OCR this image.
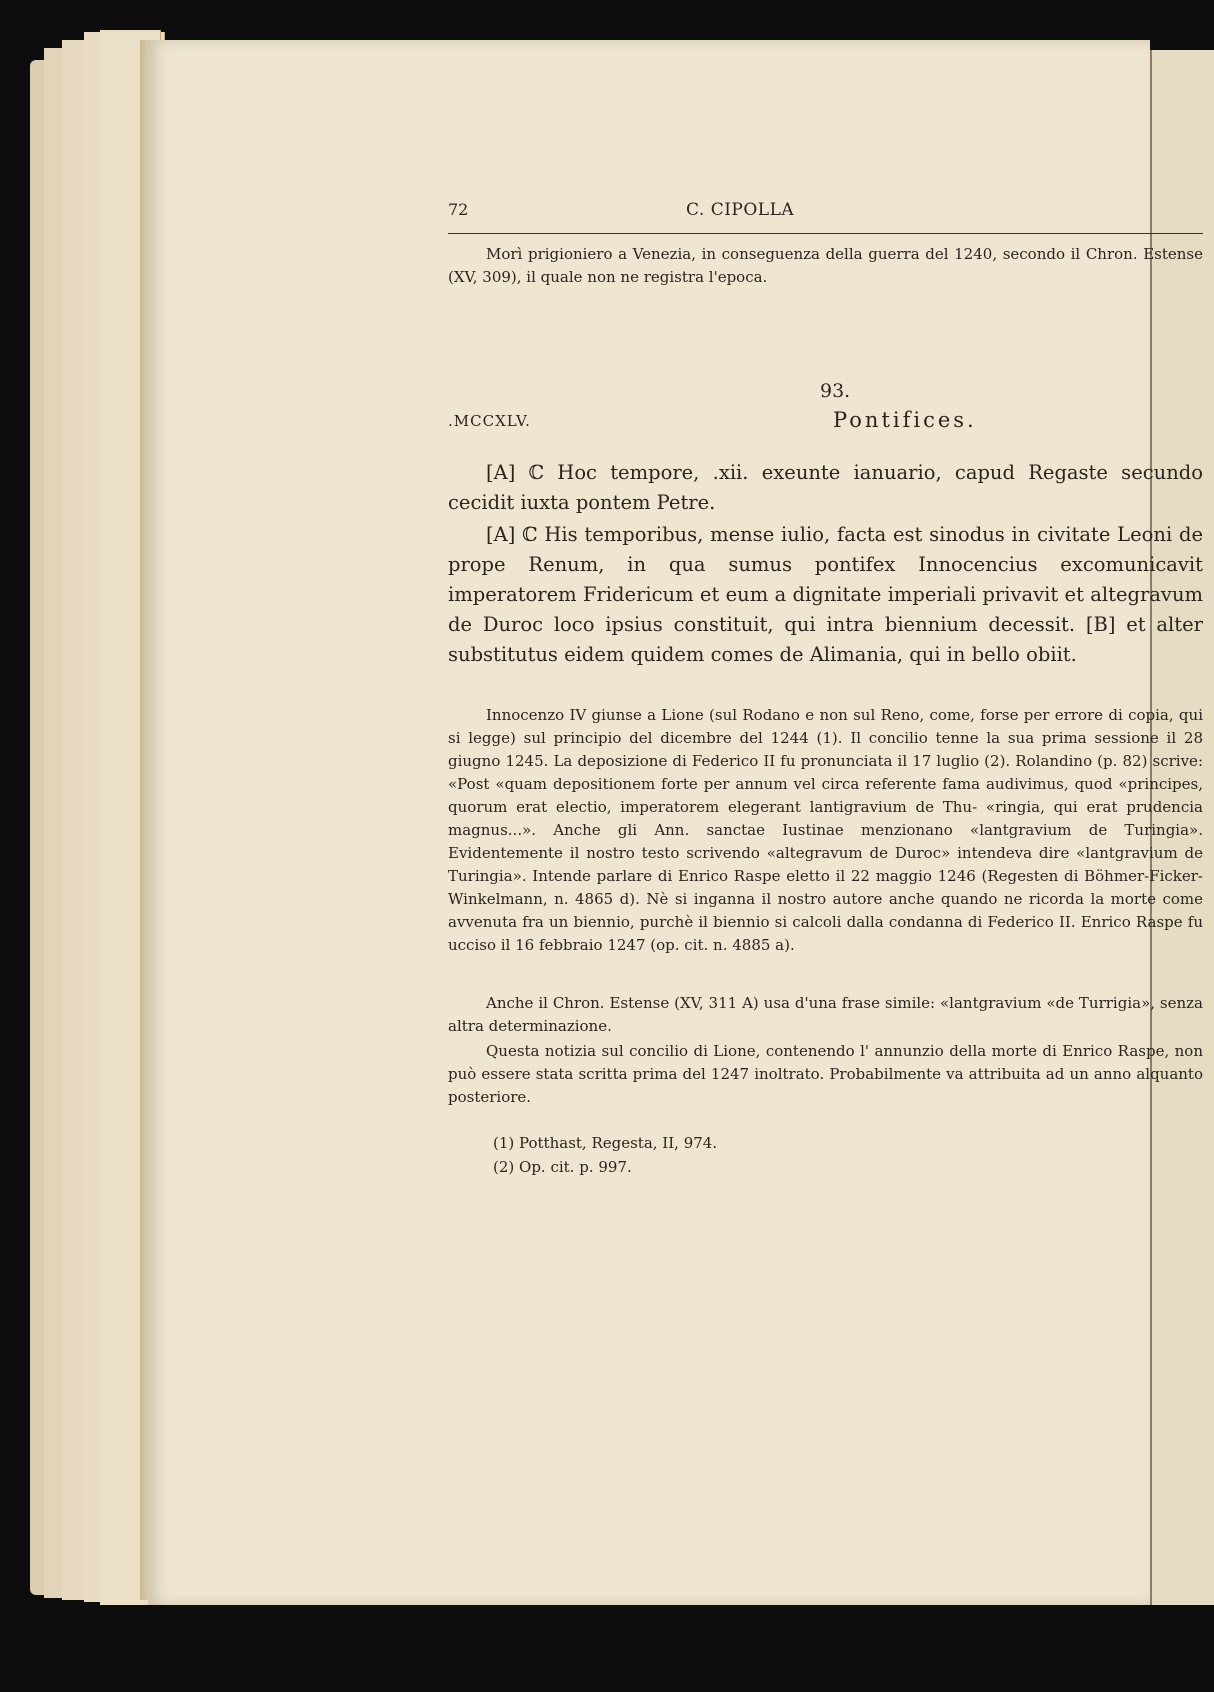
72	C. CIPOLLA
Morì prigioniero a Venezia, in conseguenza della guerra del 1240, secondo il Chron. Estense (XV, 309), il quale non ne registra l'epoca.
93.
.MCCXLV.	Pontifices.
[A] ℂ Hoc tempore, .xii. exeunte ianuario, capud Regaste secundo cecidit iuxta pontem Petre.
[A] ℂ His temporibus, mense iulio, facta est sinodus in civitate Leoni de prope Renum, in qua sumus pontifex Innocencius excomunicavit imperatorem Fridericum et eum a dignitate imperiali privavit et altegravum de Duroc loco ipsius constituit, qui intra biennium decessit. [B] et alter substitutus eidem quidem comes de Alimania, qui in bello obiit.
Innocenzo IV giunse a Lione (sul Rodano e non sul Reno, come, forse per errore di copia, qui si legge) sul principio del dicembre del 1244 (1). Il concilio tenne la sua prima sessione il 28 giugno 1245. La deposizione di Federico II fu pronunciata il 17 luglio (2). Rolandino (p. 82) scrive: «Post «quam depositionem forte per annum vel circa referente fama audivimus, quod «principes, quorum erat electio, imperatorem elegerant lantigravium de Thu- «ringia, qui erat prudencia magnus...». Anche gli Ann. sanctae Iustinae menzionano «lantgravium de Turingia». Evidentemente il nostro testo scrivendo «altegravum de Duroc» intendeva dire «lantgravium de Turingia». Intende parlare di Enrico Raspe eletto il 22 maggio 1246 (Regesten di Böhmer-Ficker-Winkelmann, n. 4865 d). Nè si inganna il nostro autore anche quando ne ricorda la morte come avvenuta fra un biennio, purchè il biennio si calcoli dalla condanna di Federico II. Enrico Raspe fu ucciso il 16 febbraio 1247 (op. cit. n. 4885 a).
Anche il Chron. Estense (XV, 311 A) usa d'una frase simile: «lantgravium «de Turrigia», senza altra determinazione.
Questa notizia sul concilio di Lione, contenendo l' annunzio della morte di Enrico Raspe, non può essere stata scritta prima del 1247 inoltrato. Probabilmente va attribuita ad un anno alquanto posteriore.
(1) Potthast, Regesta, II, 974.
(2) Op. cit. p. 997.
